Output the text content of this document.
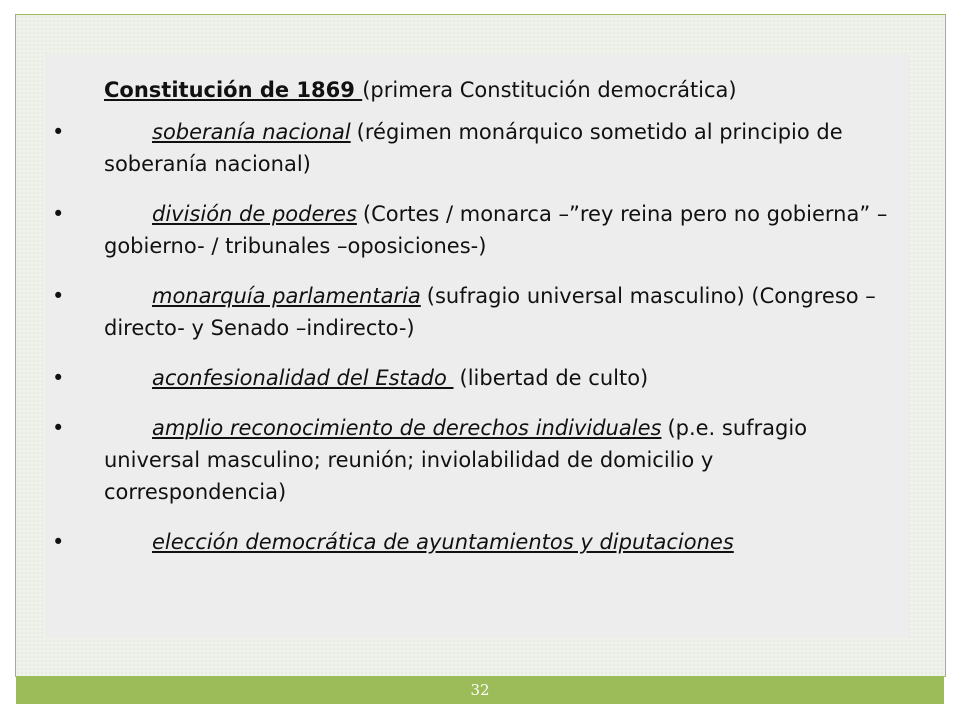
Constitución de 1869 (primera Constitución democrática)
•	soberanía nacional (régimen monárquico sometido al principio de soberanía nacional)
•	división de poderes (Cortes / monarca –”rey reina pero no gobierna” –gobierno- / tribunales –oposiciones-)
•	monarquía parlamentaria (sufragio universal masculino) (Congreso –directo- y Senado –indirecto-)
•	aconfesionalidad del Estado (libertad de culto)
•	amplio reconocimiento de derechos individuales (p.e. sufragio universal masculino; reunión; inviolabilidad de domicilio y correspondencia)
•	elección democrática de ayuntamientos y diputaciones
32
